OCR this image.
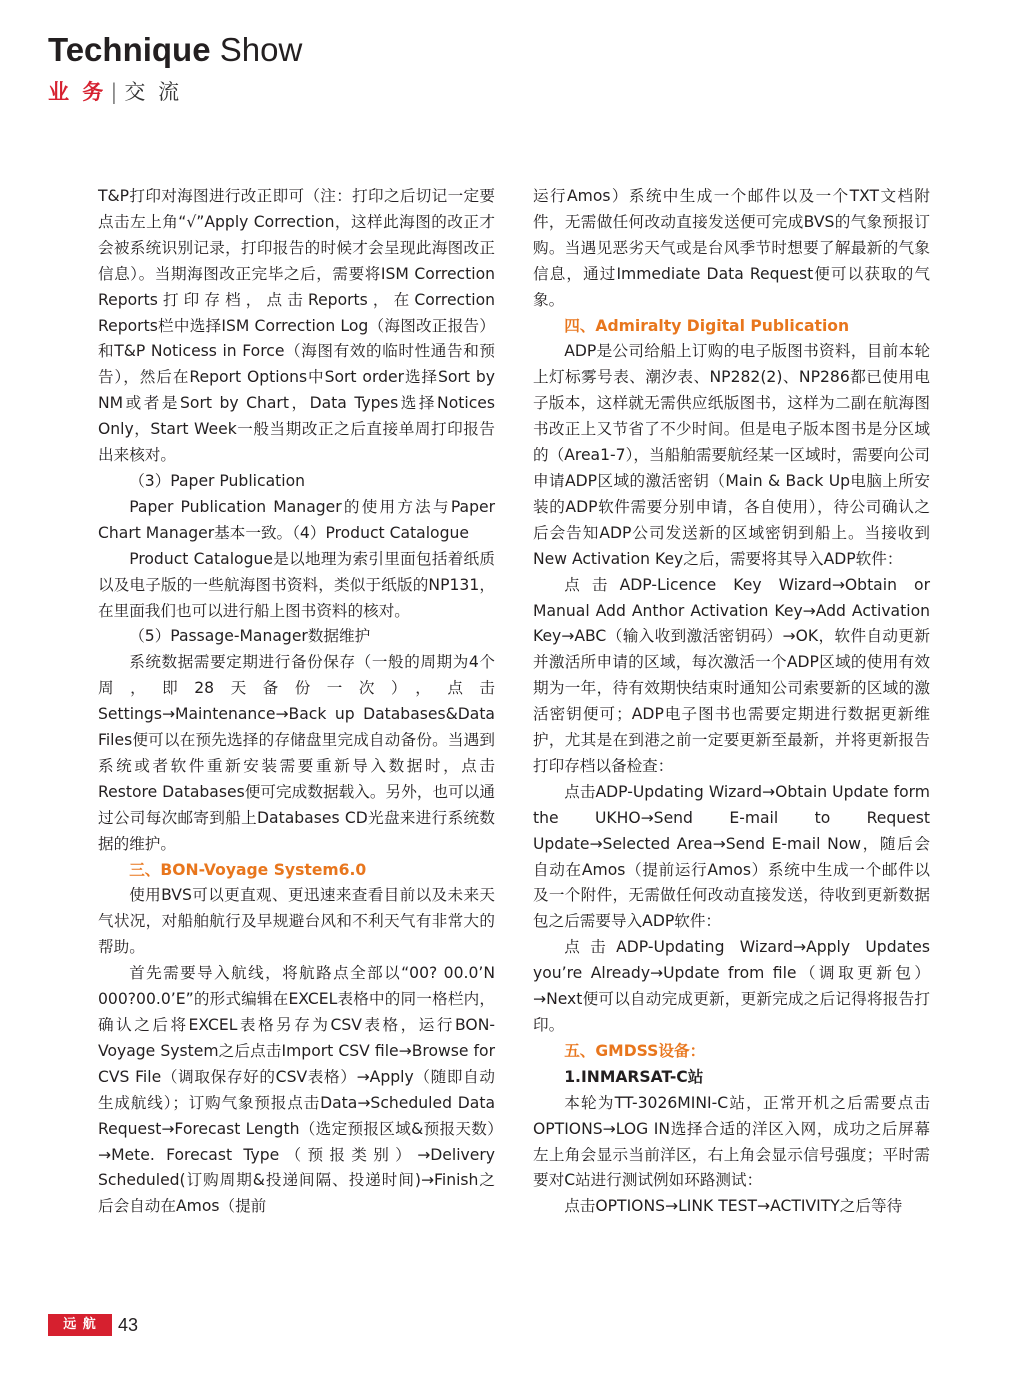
Technique Show
业 务 | 交 流

T&P打印对海图进行改正即可（注：打印之后切记一定要点击左上角“√”Apply Correction，这样此海图的改正才会被系统识别记录，打印报告的时候才会呈现此海图改正信息）。当期海图改正完毕之后，需要将ISM Correction Reports打印存档，点击Reports，在Correction Reports栏中选择ISM Correction Log（海图改正报告）和T&P Noticess in Force（海图有效的临时性通告和预告），然后在Report Options中Sort order选择Sort by NM或者是Sort by Chart，Data Types选择Notices Only，Start Week一般当期改正之后直接单周打印报告出来核对。

（3）Paper Publication

Paper Publication Manager的使用方法与Paper Chart Manager基本一致。（4）Product Catalogue

Product Catalogue是以地理为索引里面包括着纸质以及电子版的一些航海图书资料，类似于纸版的NP131，在里面我们也可以进行船上图书资料的核对。

（5）Passage-Manager数据维护

系统数据需要定期进行备份保存（一般的周期为4个周，即28天备份一次），点击Settings→Maintenance→Back up Databases&Data Files便可以在预先选择的存储盘里完成自动备份。当遇到系统或者软件重新安装需要重新导入数据时，点击Restore Databases便可完成数据载入。另外，也可以通过公司每次邮寄到船上Databases CD光盘来进行系统数据的维护。

三、BON-Voyage System6.0

使用BVS可以更直观、更迅速来查看目前以及未来天气状况，对船舶航行及早规避台风和不利天气有非常大的帮助。

首先需要导入航线，将航路点全部以“00? 00.0’N 000?00.0’E”的形式编辑在EXCEL表格中的同一格栏内，确认之后将EXCEL表格另存为CSV表格，运行BON-Voyage System之后点击Import CSV file→Browse for CVS File（调取保存好的CSV表格）→Apply（随即自动生成航线）；订购气象预报点击Data→Scheduled Data Request→Forecast Length（选定预报区域&预报天数）→Mete. Forecast Type（预报类别）→Delivery Scheduled(订购周期&投递间隔、投递时间)→Finish之后会自动在Amos（提前

运行Amos）系统中生成一个邮件以及一个TXT文档附件，无需做任何改动直接发送便可完成BVS的气象预报订购。当遇见恶劣天气或是台风季节时想要了解最新的气象信息，通过Immediate Data Request便可以获取的气象。

四、Admiralty Digital Publication

ADP是公司给船上订购的电子版图书资料，目前本轮上灯标雾号表、潮汐表、NP282(2)、NP286都已使用电子版本，这样就无需供应纸版图书，这样为二副在航海图书改正上又节省了不少时间。但是电子版本图书是分区域的（Area1-7），当船舶需要航经某一区域时，需要向公司申请ADP区域的激活密钥（Main & Back Up电脑上所安装的ADP软件需要分别申请，各自使用），待公司确认之后会告知ADP公司发送新的区域密钥到船上。当接收到New Activation Key之后，需要将其导入ADP软件：

点击ADP-Licence Key Wizard→Obtain or Manual Add Anthor Activation Key→Add Activation Key→ABC（输入收到激活密钥码）→OK，软件自动更新并激活所申请的区域，每次激活一个ADP区域的使用有效期为一年，待有效期快结束时通知公司索要新的区域的激活密钥便可；ADP电子图书也需要定期进行数据更新维护，尤其是在到港之前一定要更新至最新，并将更新报告打印存档以备检查：

点击ADP-Updating Wizard→Obtain Update form the UKHO→Send E-mail to Request Update→Selected Area→Send E-mail Now，随后会自动在Amos（提前运行Amos）系统中生成一个邮件以及一个附件，无需做任何改动直接发送，待收到更新数据包之后需要导入ADP软件：

点击ADP-Updating Wizard→Apply Updates you’re Already→Update from file（调取更新包）→Next便可以自动完成更新，更新完成之后记得将报告打印。

五、GMDSS设备：

1.INMARSAT-C站

本轮为TT-3026MINI-C站，正常开机之后需要点击OPTIONS→LOG IN选择合适的洋区入网，成功之后屏幕左上角会显示当前洋区，右上角会显示信号强度；平时需要对C站进行测试例如环路测试：

点击OPTIONS→LINK TEST→ACTIVITY之后等待

远 航	43
